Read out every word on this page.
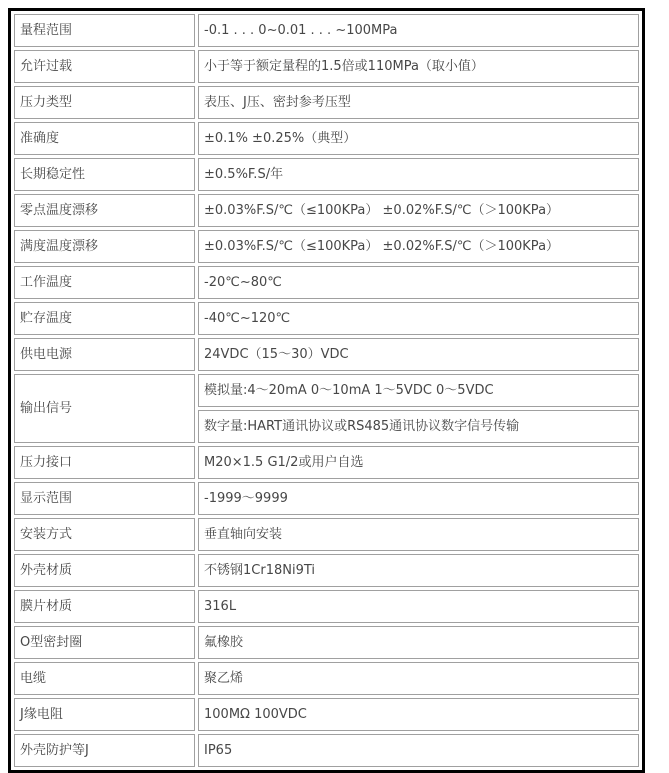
量程范围	-0.1 . . . 0~0.01 . . . ~100MPa
允许过载	小于等于额定量程的1.5倍或110MPa（取小值）
压力类型	表压、J压、密封参考压型
准确度	±0.1% ±0.25%（典型）
长期稳定性	±0.5%F.S/年
零点温度漂移	±0.03%F.S/℃（≤100KPa） ±0.02%F.S/℃（＞100KPa）
满度温度漂移	±0.03%F.S/℃（≤100KPa） ±0.02%F.S/℃（＞100KPa）
工作温度	-20℃~80℃
贮存温度	-40℃~120℃
供电电源	24VDC（15～30）VDC
输出信号	模拟量:4～20mA 0～10mA 1～5VDC 0～5VDC
	数字量:HART通讯协议或RS485通讯协议数字信号传输
压力接口	M20×1.5 G1/2或用户自选
显示范围	-1999～9999
安装方式	垂直轴向安装
外壳材质	不锈钢1Cr18Ni9Ti
膜片材质	316L
O型密封圈	氟橡胶
电缆	聚乙烯
J缘电阻	100MΩ 100VDC
外壳防护等J	IP65
